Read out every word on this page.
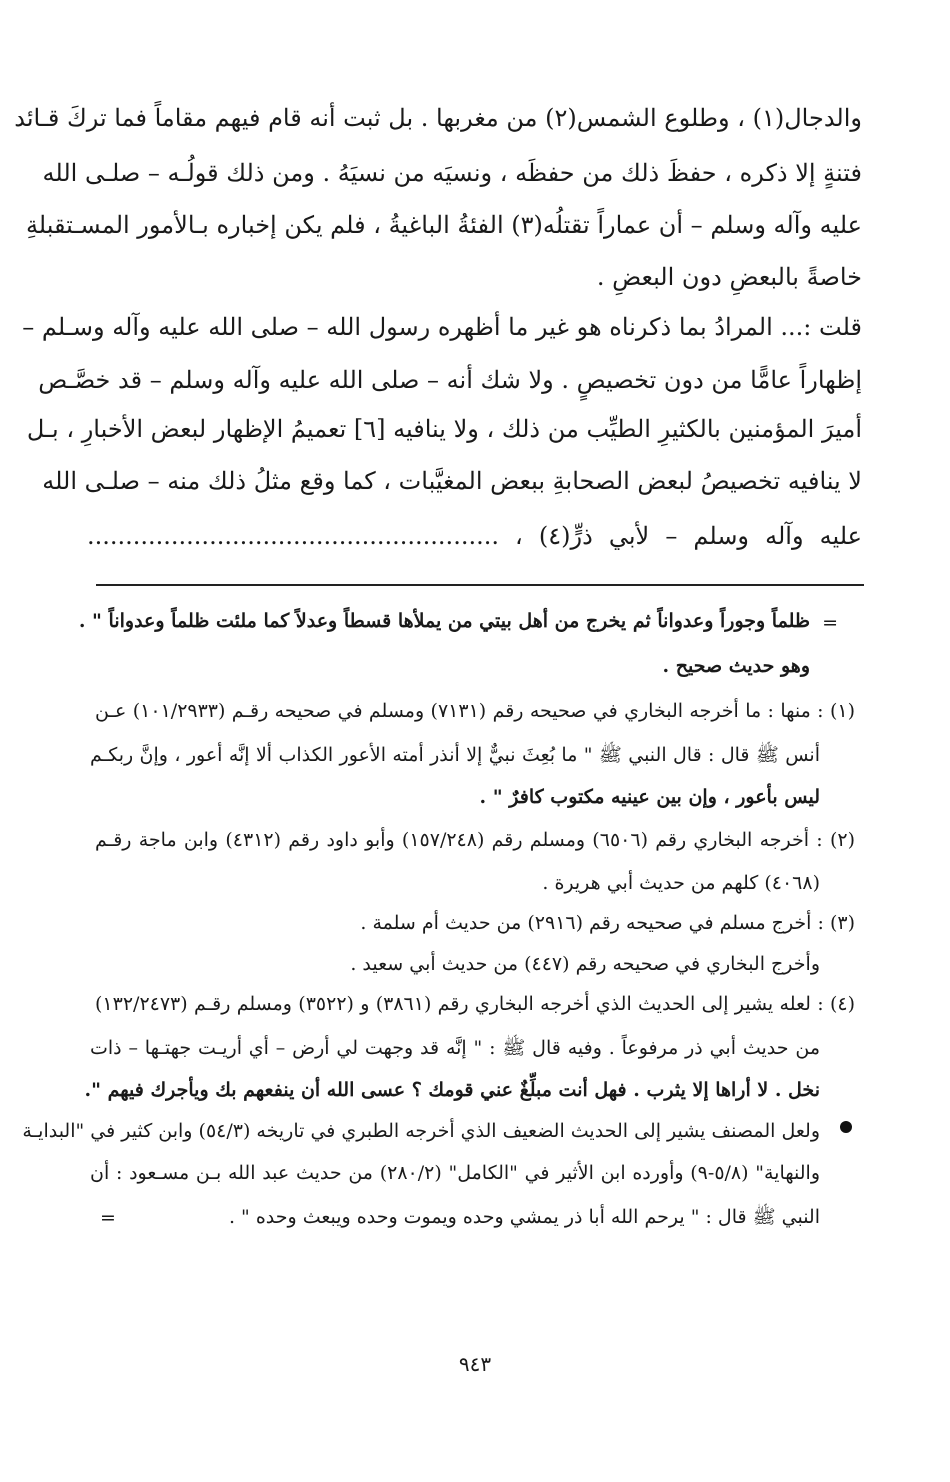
والدجال(١) ، وطلوع الشمس(٢) من مغربها . بل ثبت أنه قام فيهم مقاماً فما تركَ قـائد
فتنةٍ إلا ذكره ، حفظَ ذلك من حفظَه ، ونسيَه من نسيَهُ . ومن ذلك قولُـه – صلـى الله
عليه وآله وسلم – أن عماراً تقتلُه(٣) الفئةُ الباغيةُ ، فلم يكن إخباره بـالأمور المسـتقبلةِ
خاصةً بالبعضِ دون البعضِ .
قلت :... المرادُ بما ذكرناه هو غير ما أظهره رسول الله – صلى الله عليه وآله وسـلم –
إظهاراً عامًّا من دون تخصيصٍ . ولا شك أنه – صلى الله عليه وآله وسلم – قد خصَّـص
أميرَ المؤمنين بالكثيرِ الطيِّب من ذلك ، ولا ينافيه [٦] تعميمُ الإظهار لبعض الأخبارِ ، بـل
لا ينافيه تخصيصُ لبعض الصحابةِ ببعض المغيَّبات ، كما وقع مثلُ ذلك منه – صلـى الله
عليه وآله وسلم – لأبي ذرٍّ(٤) ، ......................................................
=
ظلماً وجوراً وعدواناً ثم يخرج من أهل بيتي من يملأها قسطاً وعدلاً كما ملئت ظلماً وعدواناً " .
وهو حديث صحيح .
(١) : منها : ما أخرجه البخاري في صحيحه رقم (٧١٣١) ومسلم في صحيحه رقـم (١٠١/٢٩٣٣) عـن
أنس ﷺ قال : قال النبي ﷺ " ما بُعِثَ نبيٌّ إلا أنذر أمته الأعور الكذاب ألا إنَّه أعور ، وإنَّ ربكـم
ليس بأعور ، وإن بين عينيه مكتوب كافرٌ " .
(٢) : أخرجه البخاري رقم (٦٥٠٦) ومسلم رقم (١٥٧/٢٤٨) وأبو داود رقم (٤٣١٢) وابن ماجة رقـم
(٤٠٦٨) كلهم من حديث أبي هريرة .
(٣) : أخرج مسلم في صحيحه رقم (٢٩١٦) من حديث أم سلمة .
وأخرج البخاري في صحيحه رقم (٤٤٧) من حديث أبي سعيد .
(٤) : لعله يشير إلى الحديث الذي أخرجه البخاري رقم (٣٨٦١) و (٣٥٢٢) ومسلم رقـم (١٣٢/٢٤٧٣)
من حديث أبي ذر مرفوعاً . وفيه قال ﷺ : " إنَّه قد وجهت لي أرض – أي أريـت جهتـها – ذات
نخل . لا أراها إلا يثرب . فهل أنت مبلِّغٌ عني قومك ؟ عسى الله أن ينفعهم بك ويأجرك فيهم ".
ولعل المصنف يشير إلى الحديث الضعيف الذي أخرجه الطبري في تاريخه (٥٤/٣) وابن كثير في "البدايـة
والنهاية" (٥/٨-٩) وأورده ابن الأثير في "الكامل" (٢٨٠/٢) من حديث عبد الله بـن مسـعود : أن
النبي ﷺ قال : " يرحم الله أبا ذر يمشي وحده ويموت وحده ويبعث وحده " .
=
٩٤٣
